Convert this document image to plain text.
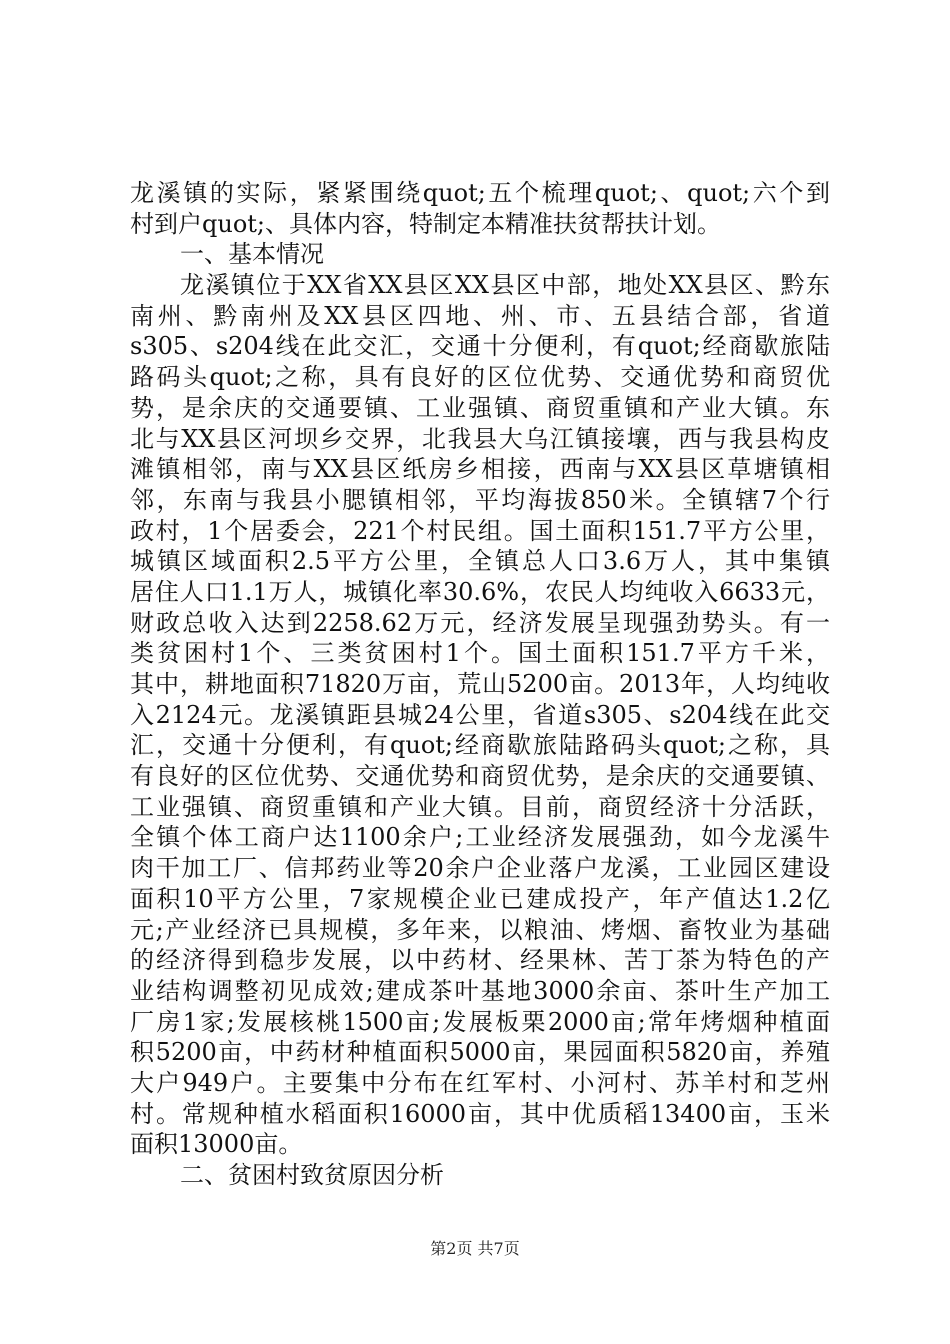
龙溪镇的实际，紧紧围绕quot;五个梳理quot;、quot;六个到
村到户quot;、具体内容，特制定本精准扶贫帮扶计划。
一、基本情况
龙溪镇位于XX省XX县区XX县区中部，地处XX县区、黔东
南州、黔南州及XX县区四地、州、市、五县结合部，省道
s305、s204线在此交汇，交通十分便利，有quot;经商歇旅陆
路码头quot;之称，具有良好的区位优势、交通优势和商贸优
势，是余庆的交通要镇、工业强镇、商贸重镇和产业大镇。东
北与XX县区河坝乡交界，北我县大乌江镇接壤，西与我县构皮
滩镇相邻，南与XX县区纸房乡相接，西南与XX县区草塘镇相
邻，东南与我县小腮镇相邻，平均海拔850米。全镇辖7个行
政村，1个居委会，221个村民组。国土面积151.7平方公里，
城镇区域面积2.5平方公里，全镇总人口3.6万人，其中集镇
居住人口1.1万人，城镇化率30.6%，农民人均纯收入6633元，
财政总收入达到2258.62万元，经济发展呈现强劲势头。有一
类贫困村1个、三类贫困村1个。国土面积151.7平方千米，
其中，耕地面积71820万亩，荒山5200亩。2013年，人均纯收
入2124元。龙溪镇距县城24公里，省道s305、s204线在此交
汇，交通十分便利，有quot;经商歇旅陆路码头quot;之称，具
有良好的区位优势、交通优势和商贸优势，是余庆的交通要镇、
工业强镇、商贸重镇和产业大镇。目前，商贸经济十分活跃，
全镇个体工商户达1100余户;工业经济发展强劲，如今龙溪牛
肉干加工厂、信邦药业等20余户企业落户龙溪，工业园区建设
面积10平方公里，7家规模企业已建成投产，年产值达1.2亿
元;产业经济已具规模，多年来，以粮油、烤烟、畜牧业为基础
的经济得到稳步发展，以中药材、经果林、苦丁茶为特色的产
业结构调整初见成效;建成茶叶基地3000余亩、茶叶生产加工
厂房1家;发展核桃1500亩;发展板栗2000亩;常年烤烟种植面
积5200亩，中药材种植面积5000亩，果园面积5820亩，养殖
大户949户。主要集中分布在红军村、小河村、苏羊村和芝州
村。常规种植水稻面积16000亩，其中优质稻13400亩，玉米
面积13000亩。
二、贫困村致贫原因分析
第2页 共7页
